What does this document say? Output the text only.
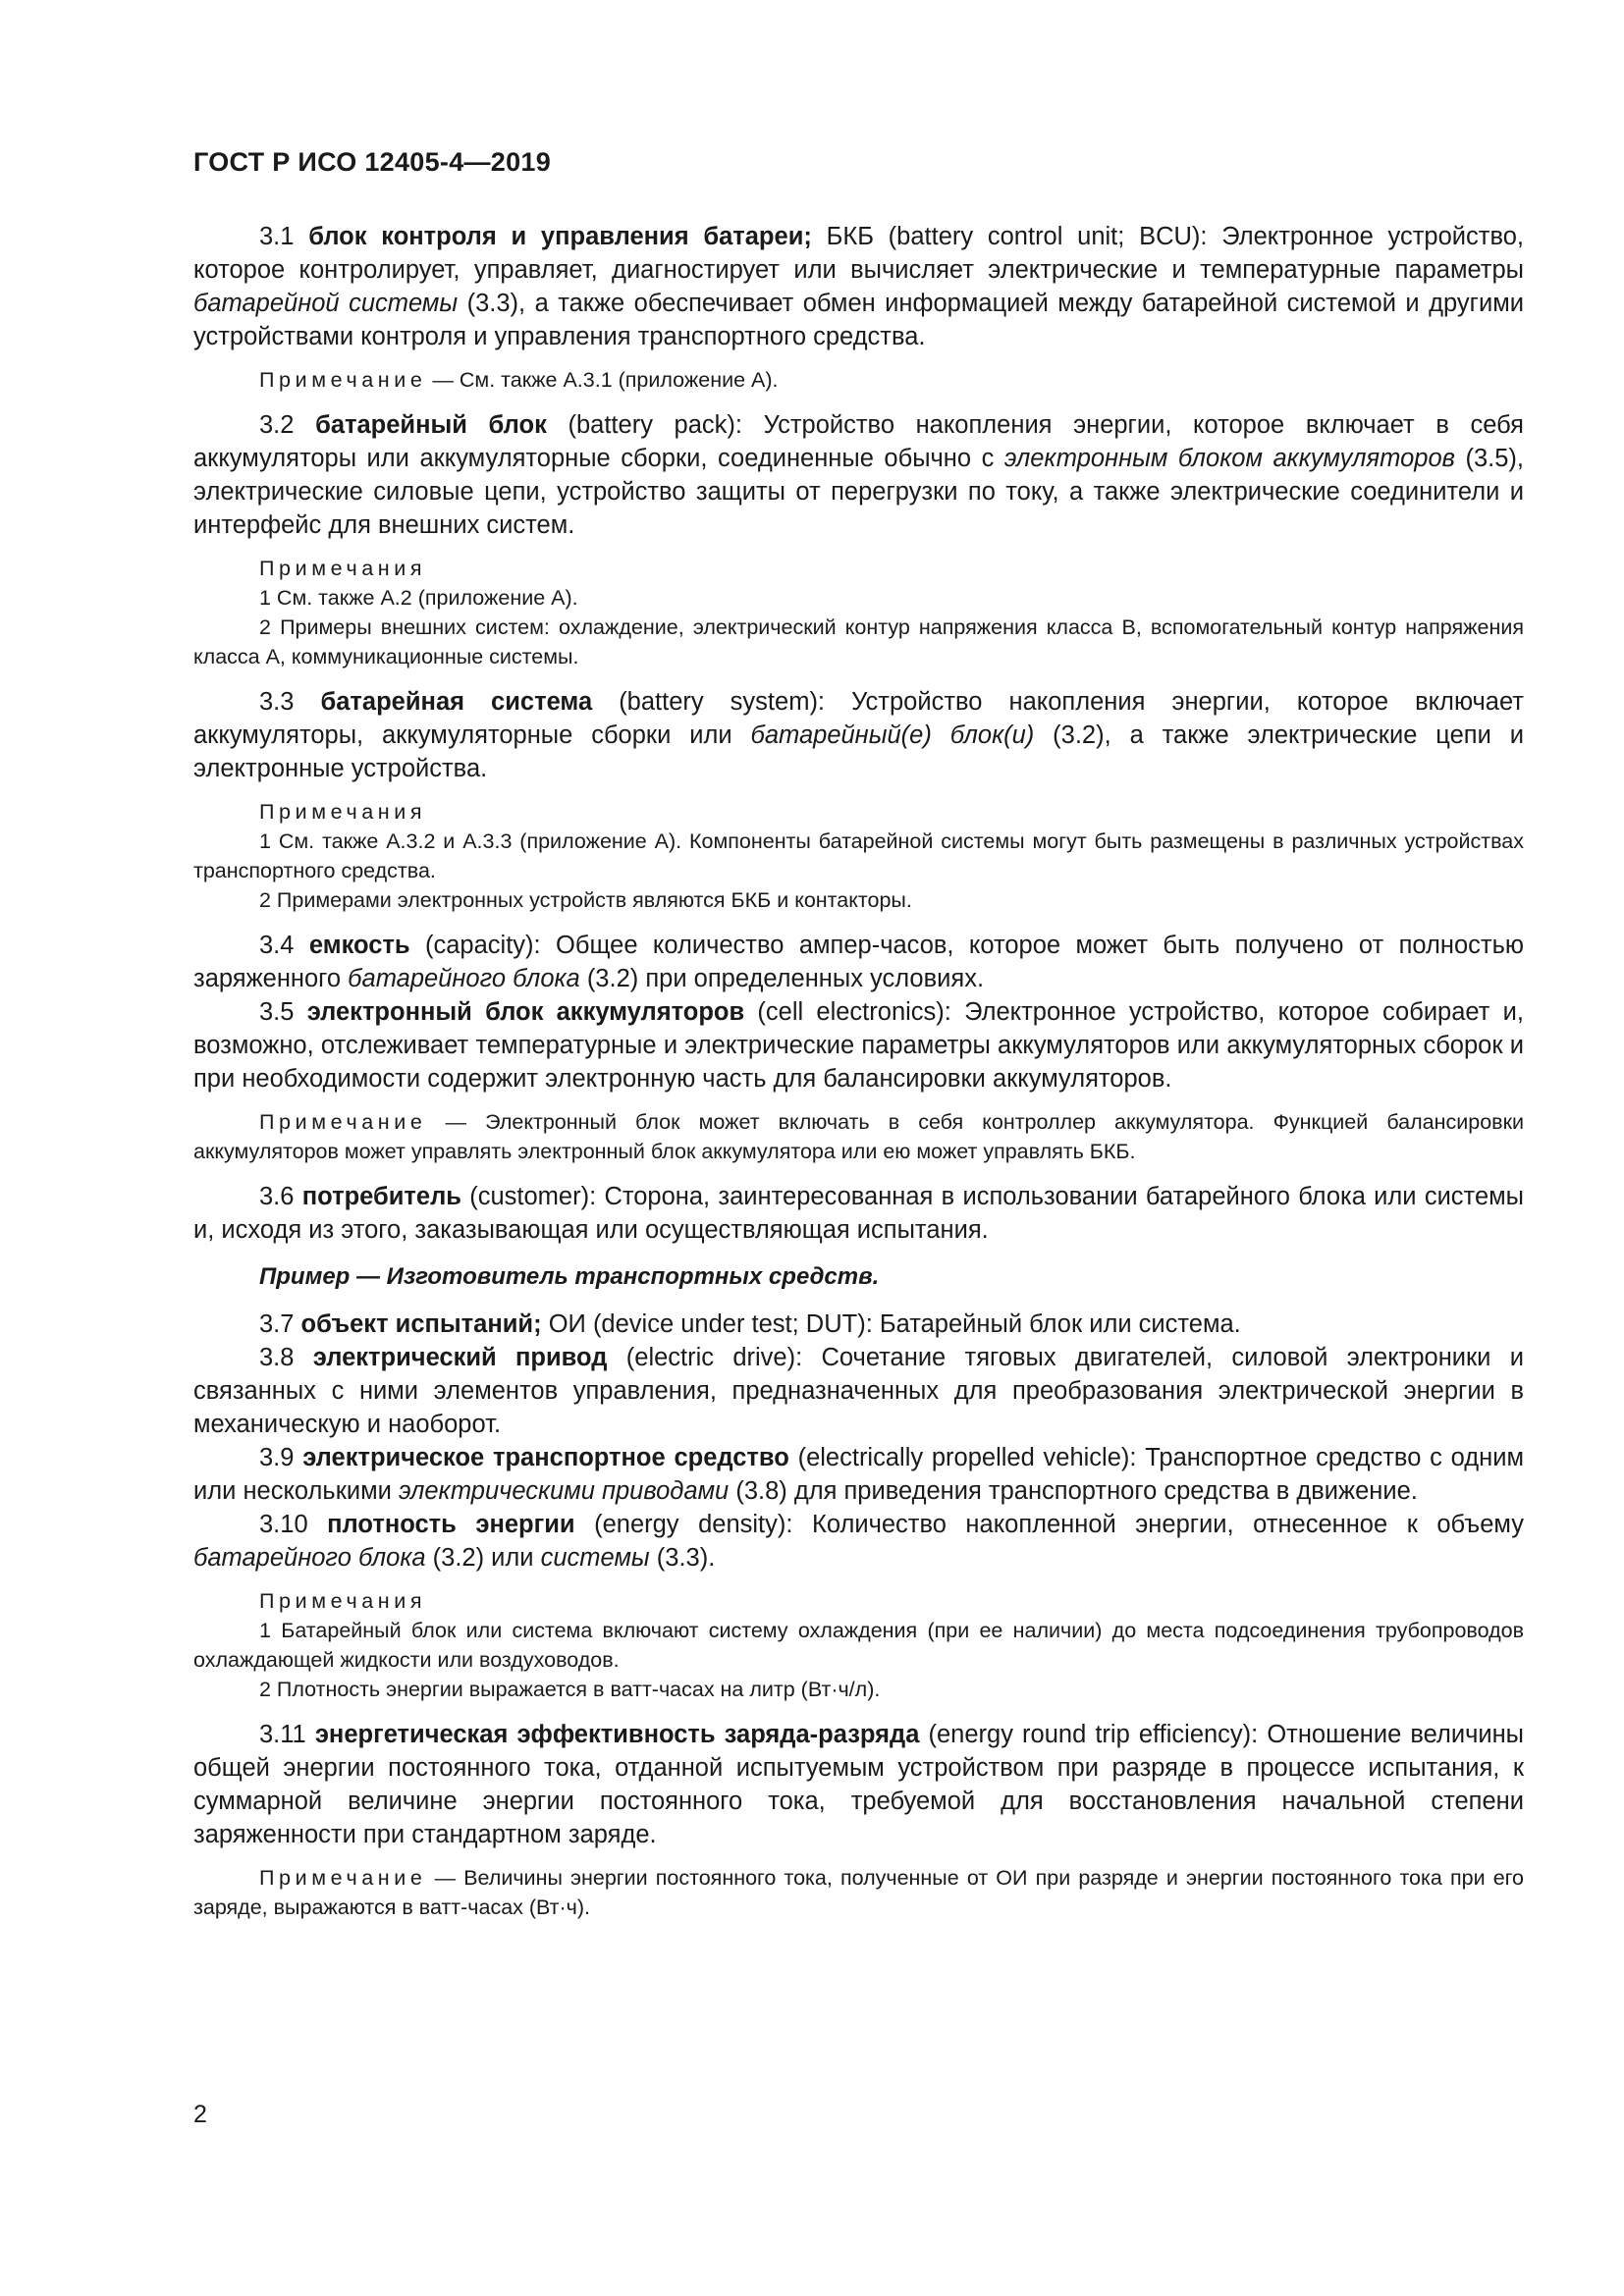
ГОСТ Р ИСО 12405-4—2019

3.1 блок контроля и управления батареи; БКБ (battery control unit; BCU): Электронное устройство, которое контролирует, управляет, диагностирует или вычисляет электрические и температурные параметры батарейной системы (3.3), а также обеспечивает обмен информацией между батарейной системой и другими устройствами контроля и управления транспортного средства.

Примечание — См. также А.3.1 (приложение А).

3.2 батарейный блок (battery pack): Устройство накопления энергии, которое включает в себя аккумуляторы или аккумуляторные сборки, соединенные обычно с электронным блоком аккумуляторов (3.5), электрические силовые цепи, устройство защиты от перегрузки по току, а также электрические соединители и интерфейс для внешних систем.

Примечания

1 См. также А.2 (приложение А).

2 Примеры внешних систем: охлаждение, электрический контур напряжения класса B, вспомогательный контур напряжения класса А, коммуникационные системы.

3.3 батарейная система (battery system): Устройство накопления энергии, которое включает аккумуляторы, аккумуляторные сборки или батарейный(е) блок(и) (3.2), а также электрические цепи и электронные устройства.

Примечания

1 См. также А.3.2 и А.3.3 (приложение А). Компоненты батарейной системы могут быть размещены в различных устройствах транспортного средства.

2 Примерами электронных устройств являются БКБ и контакторы.

3.4 емкость (capacity): Общее количество ампер-часов, которое может быть получено от полностью заряженного батарейного блока (3.2) при определенных условиях.

3.5 электронный блок аккумуляторов (cell electronics): Электронное устройство, которое собирает и, возможно, отслеживает температурные и электрические параметры аккумуляторов или аккумуляторных сборок и при необходимости содержит электронную часть для балансировки аккумуляторов.

Примечание — Электронный блок может включать в себя контроллер аккумулятора. Функцией балансировки аккумуляторов может управлять электронный блок аккумулятора или ею может управлять БКБ.

3.6 потребитель (customer): Сторона, заинтересованная в использовании батарейного блока или системы и, исходя из этого, заказывающая или осуществляющая испытания.

Пример — Изготовитель транспортных средств.

3.7 объект испытаний; ОИ (device under test; DUT): Батарейный блок или система.

3.8 электрический привод (electric drive): Сочетание тяговых двигателей, силовой электроники и связанных с ними элементов управления, предназначенных для преобразования электрической энергии в механическую и наоборот.

3.9 электрическое транспортное средство (electrically propelled vehicle): Транспортное средство с одним или несколькими электрическими приводами (3.8) для приведения транспортного средства в движение.

3.10 плотность энергии (energy density): Количество накопленной энергии, отнесенное к объему батарейного блока (3.2) или системы (3.3).

Примечания

1 Батарейный блок или система включают систему охлаждения (при ее наличии) до места подсоединения трубопроводов охлаждающей жидкости или воздуховодов.

2 Плотность энергии выражается в ватт-часах на литр (Вт·ч/л).

3.11 энергетическая эффективность заряда-разряда (energy round trip efficiency): Отношение величины общей энергии постоянного тока, отданной испытуемым устройством при разряде в процессе испытания, к суммарной величине энергии постоянного тока, требуемой для восстановления начальной степени заряженности при стандартном заряде.

Примечание — Величины энергии постоянного тока, полученные от ОИ при разряде и энергии постоянного тока при его заряде, выражаются в ватт-часах (Вт·ч).

2
